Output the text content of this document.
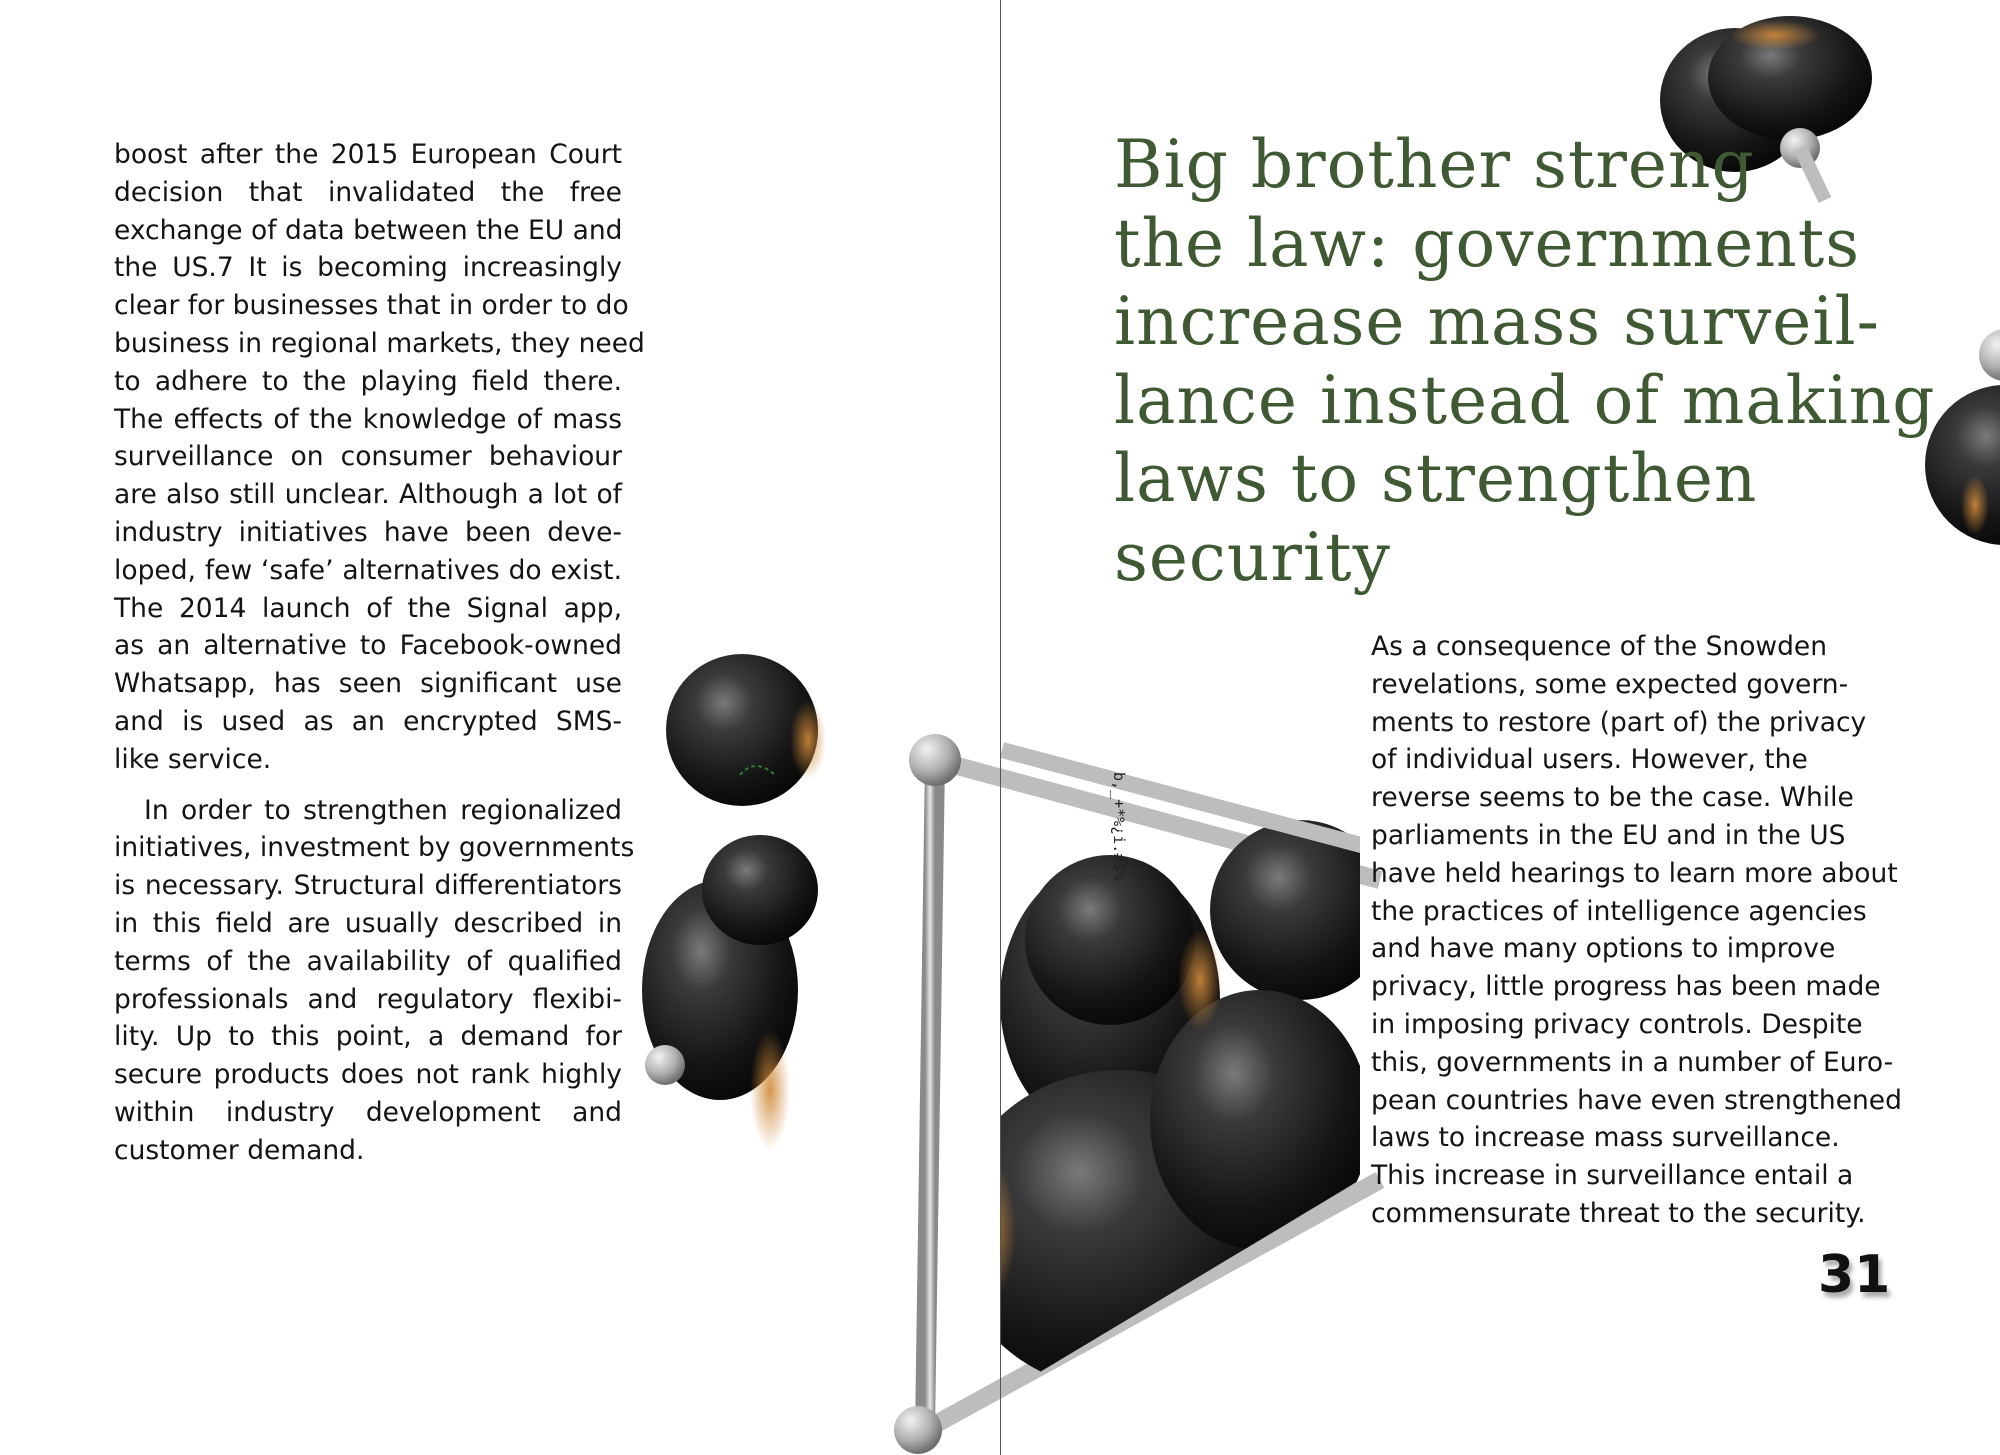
boost after the 2015 European Court
decision that invalidated the free
exchange of data between the EU and
the US.7 It is becoming increasingly
clear for businesses that in order to do
business in regional markets, they need
to adhere to the playing field there.
The effects of the knowledge of mass
surveillance on consumer behaviour
are also still unclear. Although a lot of
industry initiatives have been deve-
loped, few ‘safe’ alternatives do exist.
The 2014 launch of the Signal app,
as an alternative to Facebook-owned
Whatsapp, has seen significant use
and is used as an encrypted SMS-
like service.

In order to strengthen regionalized
initiatives, investment by governments
is necessary. Structural differentiators
in this field are usually described in
terms of the availability of qualified
professionals and regulatory flexibi-
lity. Up to this point, a demand for
secure products does not rank highly
within industry development and
customer demand.

Big brother streng
the law: governments
increase mass surveil-
lance instead of making
laws to strengthen
security
b,_+*%¿i.#$%
As a consequence of the Snowden
revelations, some expected govern-
ments to restore (part of) the privacy
of individual users. However, the
reverse seems to be the case. While
parliaments in the EU and in the US
have held hearings to learn more about
the practices of intelligence agencies
and have many options to improve
privacy, little progress has been made
in imposing privacy controls. Despite
this, governments in a number of Euro-
pean countries have even strengthened
laws to increase mass surveillance.
This increase in surveillance entail a
commensurate threat to the security.
31
